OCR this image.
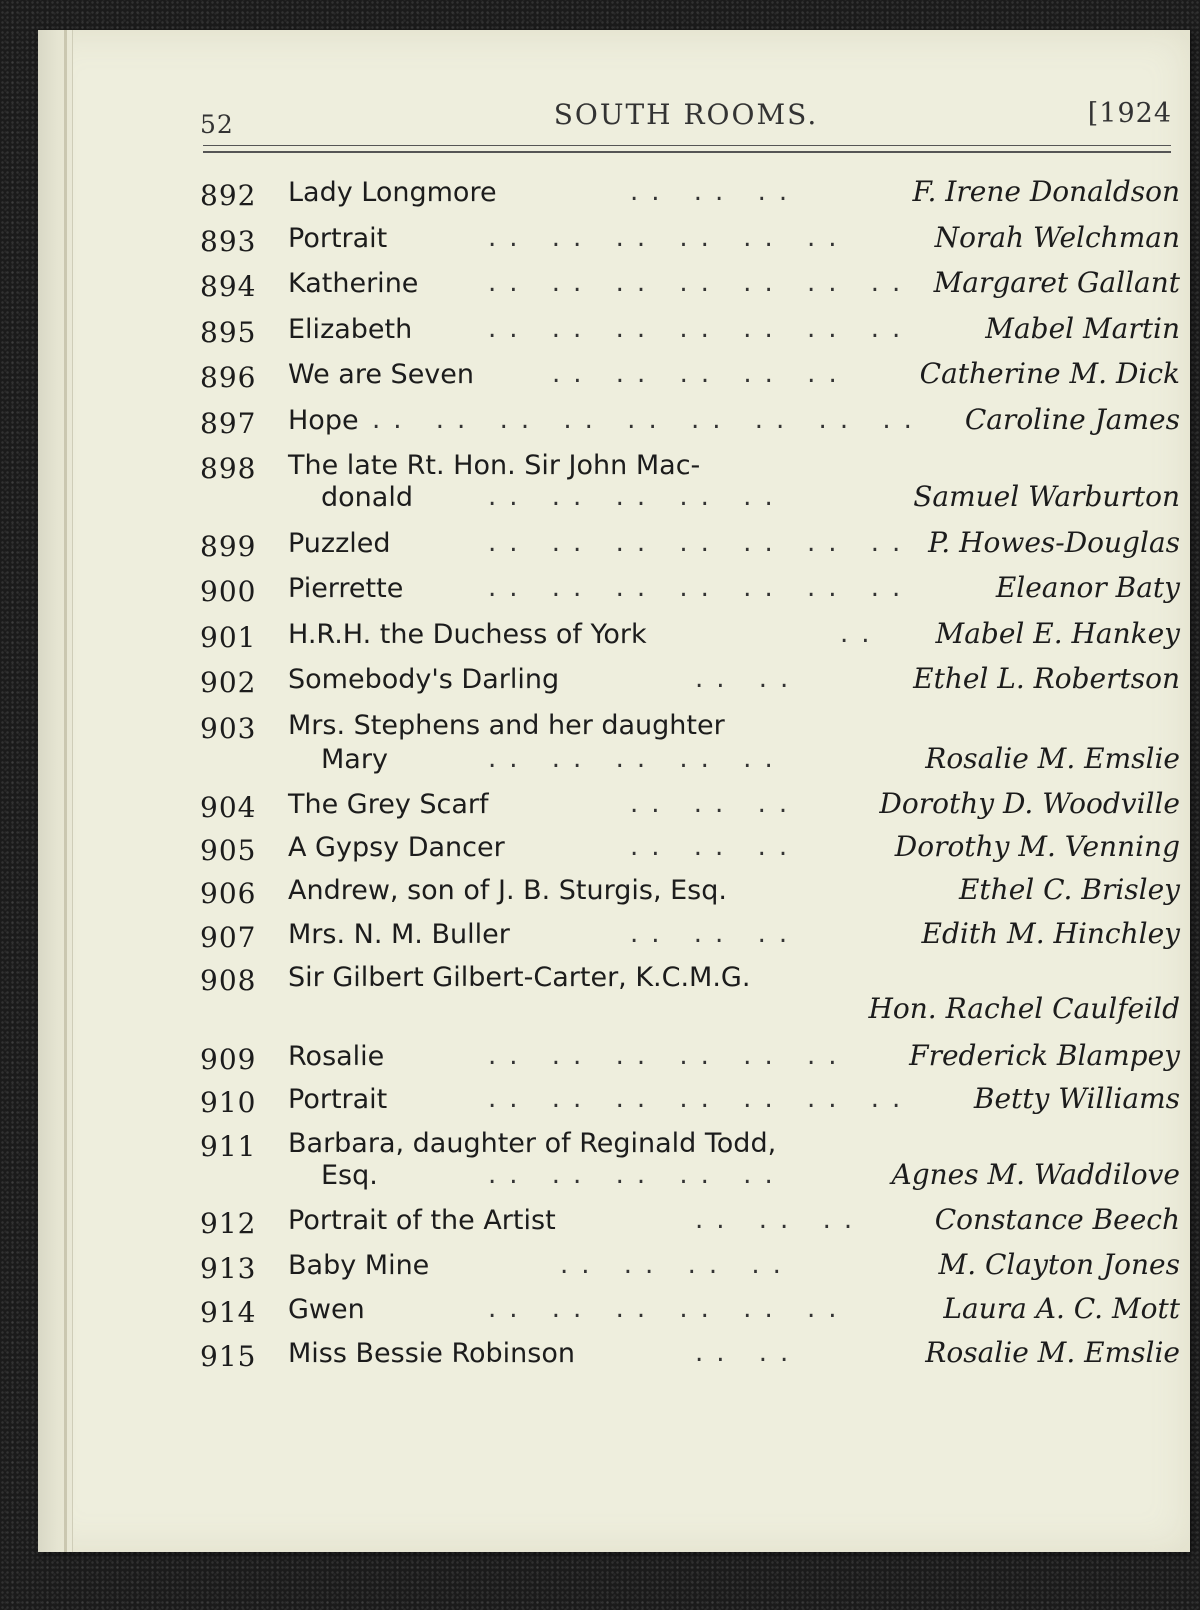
52	SOUTH ROOMS.	[1924
892 Lady Longmore	.. .. ..	F. Irene Donaldson
893 Portrait	.. .. .. .. .. ..	Norah Welchman
894 Katherine	.. .. .. .. .. .. .. Margaret Gallant
895 Elizabeth	.. .. .. .. .. .. ..	Mabel Martin
896 We are Seven	.. .. .. .. .. Catherine M. Dick
897 Hope .. .. .. .. .. .. .. .. .. Caroline James
898 The late Rt. Hon. Sir John Mac-
donald	.. .. .. .. ..	Samuel Warburton
899 Puzzled	.. .. .. .. .. .. .. P. Howes-Douglas
900 Pierrette	.. .. .. .. .. .. ..	Eleanor Baty
901 H.R.H. the Duchess of York	.. Mabel E. Hankey
902 Somebody's Darling	.. ..	Ethel L. Robertson
903 Mrs. Stephens and her daughter
Mary	.. .. .. .. ..	Rosalie M. Emslie
904 The Grey Scarf	.. .. ..	Dorothy D. Woodville
905 A Gypsy Dancer	.. .. ..	Dorothy M. Venning
906 Andrew, son of J. B. Sturgis, Esq.	Ethel C. Brisley
907 Mrs. N. M. Buller	.. .. ..	Edith M. Hinchley
908 Sir Gilbert Gilbert-Carter, K.C.M.G.
Hon. Rachel Caulfeild
909 Rosalie	.. .. .. .. .. .. Frederick Blampey
910 Portrait	.. .. .. .. .. .. .. Betty Williams
911 Barbara, daughter of Reginald Todd,
Esq.	.. .. .. .. ..	Agnes M. Waddilove
912 Portrait of the Artist	.. .. .. Constance Beech
913 Baby Mine	.. .. .. ..	M. Clayton Jones
914 Gwen	.. .. .. .. .. ..	Laura A. C. Mott
915 Miss Bessie Robinson	.. ..	Rosalie M. Emslie
